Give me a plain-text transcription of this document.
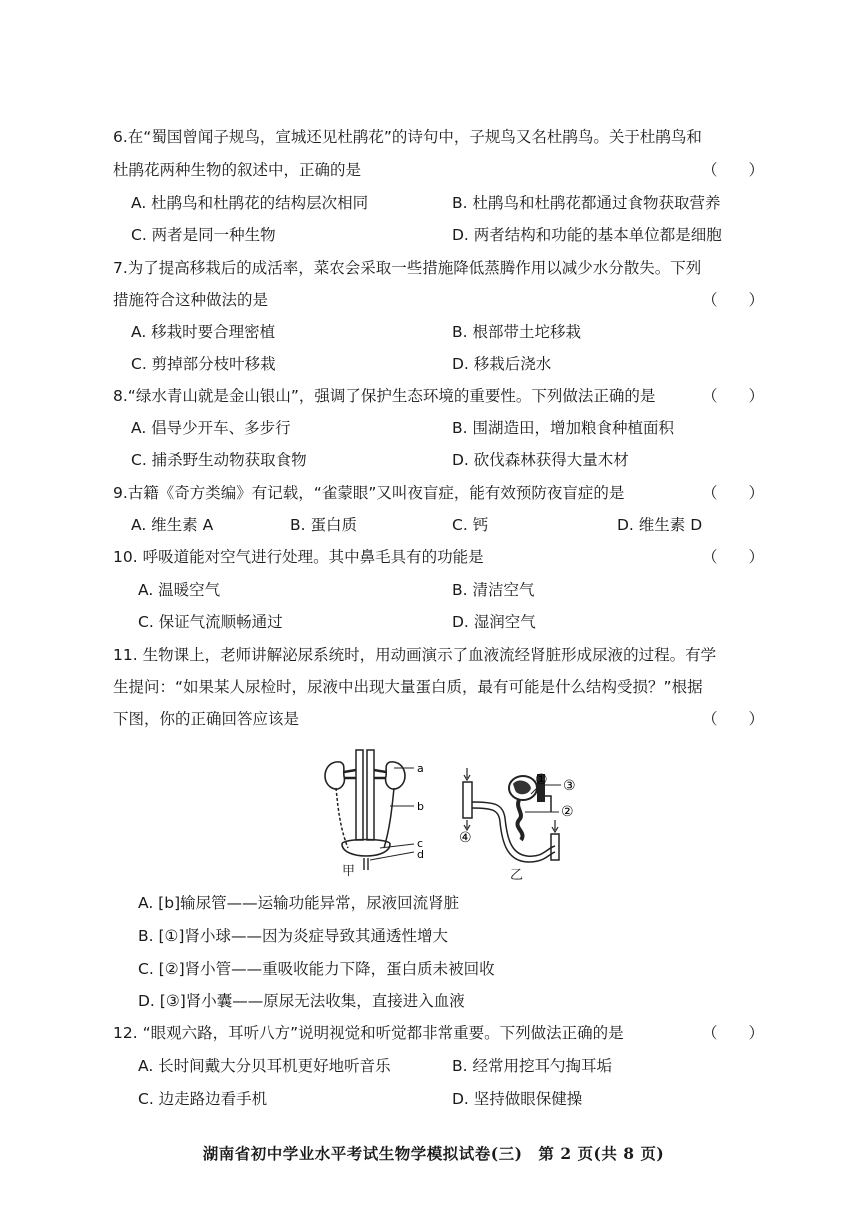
6.在“蜀国曾闻子规鸟，宣城还见杜鹃花”的诗句中，子规鸟又名杜鹃鸟。关于杜鹃鸟和
杜鹃花两种生物的叙述中，正确的是	（　　）
A. 杜鹃鸟和杜鹃花的结构层次相同	B. 杜鹃鸟和杜鹃花都通过食物获取营养
C. 两者是同一种生物	D. 两者结构和功能的基本单位都是细胞
7.为了提高移栽后的成活率，菜农会采取一些措施降低蒸腾作用以减少水分散失。下列
措施符合这种做法的是	（　　）
A. 移栽时要合理密植	B. 根部带土坨移栽
C. 剪掉部分枝叶移栽	D. 移栽后浇水
8.“绿水青山就是金山银山”，强调了保护生态环境的重要性。下列做法正确的是	（　　）
A. 倡导少开车、多步行	B. 围湖造田，增加粮食种植面积
C. 捕杀野生动物获取食物	D. 砍伐森林获得大量木材
9.古籍《奇方类编》有记载，“雀蒙眼”又叫夜盲症，能有效预防夜盲症的是	（　　）
A. 维生素 A	B. 蛋白质	C. 钙	D. 维生素 D
10. 呼吸道能对空气进行处理。其中鼻毛具有的功能是	（　　）
A. 温暖空气	B. 清洁空气
C. 保证气流顺畅通过	D. 湿润空气
11. 生物课上，老师讲解泌尿系统时，用动画演示了血液流经肾脏形成尿液的过程。有学
生提问：“如果某人尿检时，尿液中出现大量蛋白质，最有可能是什么结构受损？”根据
下图，你的正确回答应该是	（　　）
a
b
c
d
甲
④
① ③
②
乙
A. [b]输尿管——运输功能异常，尿液回流肾脏
B. [①]肾小球——因为炎症导致其通透性增大
C. [②]肾小管——重吸收能力下降，蛋白质未被回收
D. [③]肾小囊——原尿无法收集，直接进入血液
12. “眼观六路，耳听八方”说明视觉和听觉都非常重要。下列做法正确的是	（　　）
A. 长时间戴大分贝耳机更好地听音乐	B. 经常用挖耳勺掏耳垢
C. 边走路边看手机	D. 坚持做眼保健操
湖南省初中学业水平考试生物学模拟试卷(三)　第 2 页(共 8 页)
